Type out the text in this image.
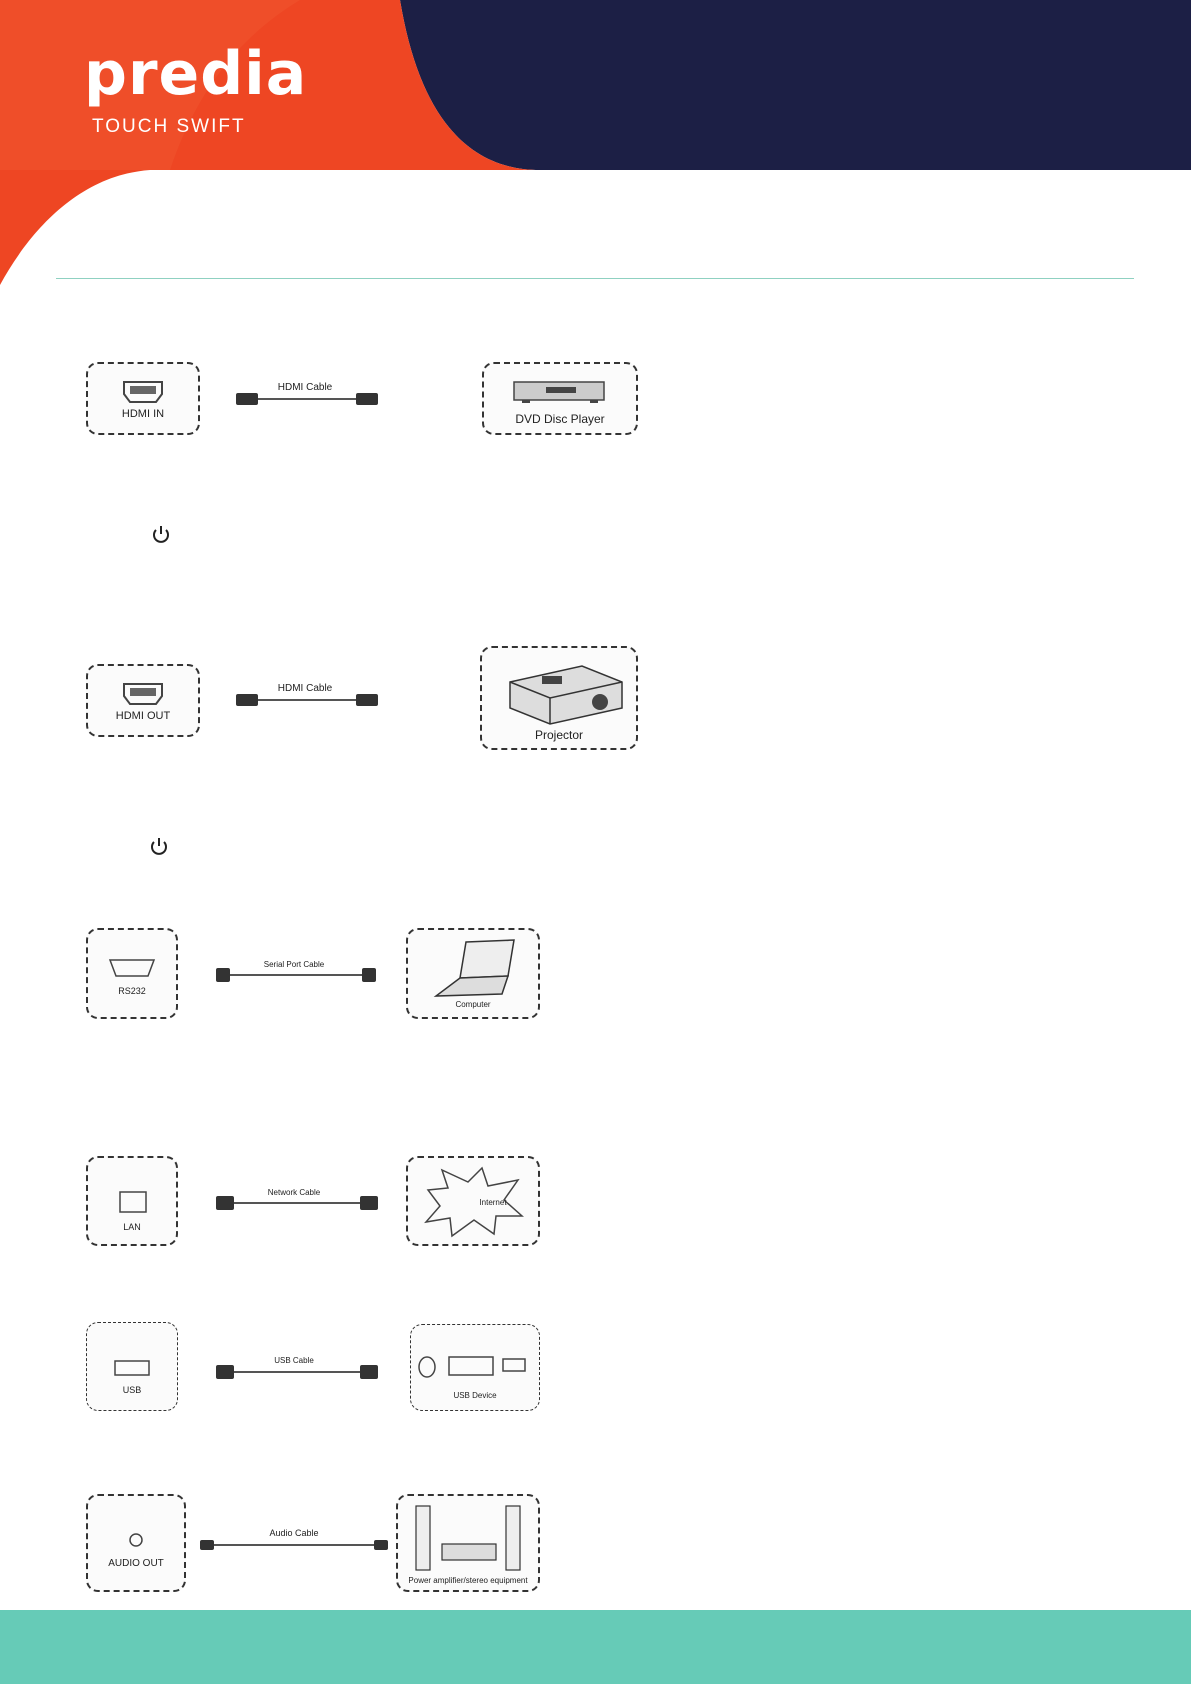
predia
TOUCH SWIFT
HDMI IN
HDMI Cable
DVD Disc Player
HDMI OUT
HDMI Cable
Projector
RS232
Serial Port Cable
Computer
LAN
Network Cable
Internet
USB
USB Cable
USB Device
AUDIO OUT
Audio Cable
Power amplifier/stereo equipment
